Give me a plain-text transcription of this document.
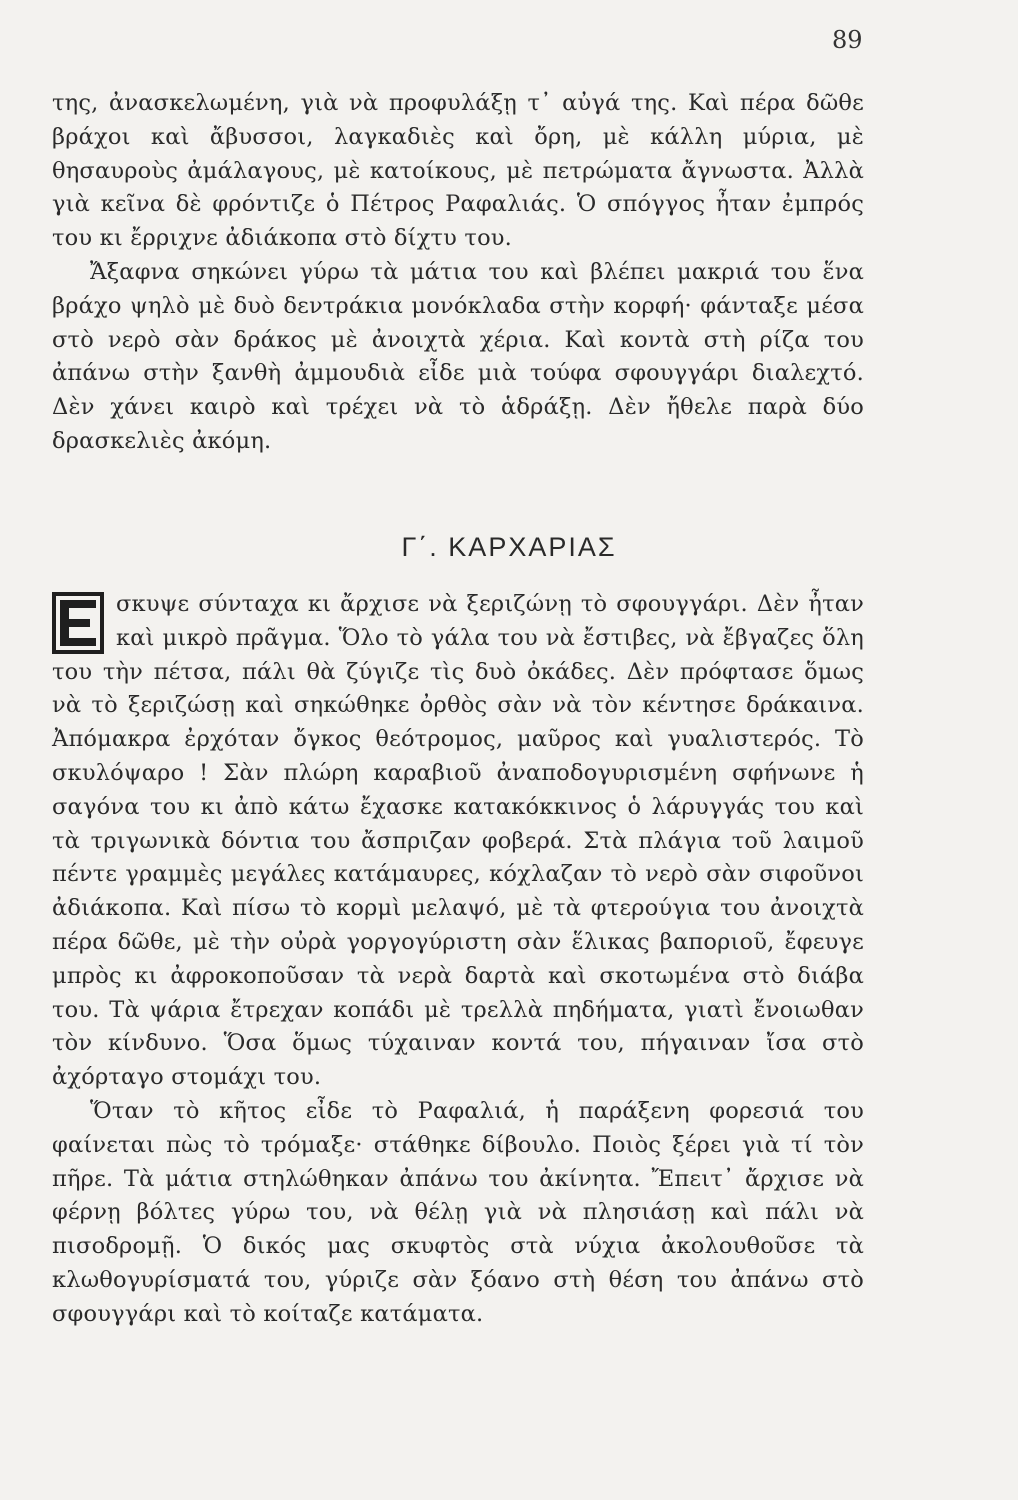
89

της, ἀνασκελωμένη, γιὰ νὰ προφυλάξῃ τ᾿ αὐγά της. Καὶ πέρα δῶθε βράχοι καὶ ἄβυσσοι, λαγκαδιὲς καὶ ὄρη, μὲ κάλλη μύρια, μὲ θησαυροὺς ἀμάλαγους, μὲ κατοίκους, μὲ πετρώματα ἄγνωστα. Ἀλλὰ γιὰ κεῖνα δὲ φρόντιζε ὁ Πέτρος Ραφαλιάς. Ὁ σπόγγος ἦταν ἐμπρός του κι ἔρριχνε ἀδιάκοπα στὸ δίχτυ του.

Ἄξαφνα σηκώνει γύρω τὰ μάτια του καὶ βλέπει μακριά του ἕνα βράχο ψηλὸ μὲ δυὸ δεντράκια μονόκλαδα στὴν κορφή· φάνταξε μέσα στὸ νερὸ σὰν δράκος μὲ ἀνοιχτὰ χέρια. Καὶ κοντὰ στὴ ρίζα του ἀπάνω στὴν ξανθὴ ἀμμουδιὰ εἶδε μιὰ τούφα σφουγγάρι διαλεχτό. Δὲν χάνει καιρὸ καὶ τρέχει νὰ τὸ ἁδράξῃ. Δὲν ἤθελε παρὰ δύο δρασκελιὲς ἀκόμη.

Γ΄. ΚΑΡΧΑΡΙΑΣ

σκυψε σύνταχα κι ἄρχισε νὰ ξεριζώνῃ τὸ σφουγγάρι. Δὲν ἦταν καὶ μικρὸ πρᾶγμα. Ὅλο τὸ γάλα του νὰ ἔστιβες, νὰ ἔβγαζες ὅλη του τὴν πέτσα, πάλι θὰ ζύγιζε τὶς δυὸ ὀκάδες. Δὲν πρόφτασε ὅμως νὰ τὸ ξεριζώσῃ καὶ σηκώθηκε ὀρθὸς σὰν νὰ τὸν κέντησε δράκαινα. Ἀπόμακρα ἐρχόταν ὄγκος θεότρομος, μαῦρος καὶ γυαλιστερός. Τὸ σκυλόψαρο ! Σὰν πλώρη καραβιοῦ ἀναποδογυρισμένη σφήνωνε ἡ σαγόνα του κι ἀπὸ κάτω ἔχασκε κατακόκκινος ὁ λάρυγγάς του καὶ τὰ τριγωνικὰ δόντια του ἄσπριζαν φοβερά. Στὰ πλάγια τοῦ λαιμοῦ πέντε γραμμὲς μεγάλες κατάμαυρες, κόχλαζαν τὸ νερὸ σὰν σιφοῦνοι ἀδιάκοπα. Καὶ πίσω τὸ κορμὶ μελαψό, μὲ τὰ φτερούγια του ἀνοιχτὰ πέρα δῶθε, μὲ τὴν οὐρὰ γοργογύριστη σὰν ἕλικας βαποριοῦ, ἔφευγε μπρὸς κι ἀφροκοποῦσαν τὰ νερὰ δαρτὰ καὶ σκοτωμένα στὸ διάβα του. Τὰ ψάρια ἔτρεχαν κοπάδι μὲ τρελλὰ πηδήματα, γιατὶ ἔνοιωθαν τὸν κίνδυνο. Ὅσα ὅμως τύχαιναν κοντά του, πήγαιναν ἴσα στὸ ἀχόρταγο στομάχι του.

Ὅταν τὸ κῆτος εἶδε τὸ Ραφαλιά, ἡ παράξενη φορεσιά του φαίνεται πὼς τὸ τρόμαξε· στάθηκε δίβουλο. Ποιὸς ξέρει γιὰ τί τὸν πῆρε. Τὰ μάτια στηλώθηκαν ἀπάνω του ἀκίνητα. Ἔπειτ᾿ ἄρχισε νὰ φέρνῃ βόλτες γύρω του, νὰ θέλῃ γιὰ νὰ πλησιάσῃ καὶ πάλι νὰ πισοδρομῇ. Ὁ δικός μας σκυφτὸς στὰ νύχια ἀκολουθοῦσε τὰ κλωθογυρίσματά του, γύριζε σὰν ξόανο στὴ θέση του ἀπάνω στὸ σφουγγάρι καὶ τὸ κοίταζε κατάματα.
